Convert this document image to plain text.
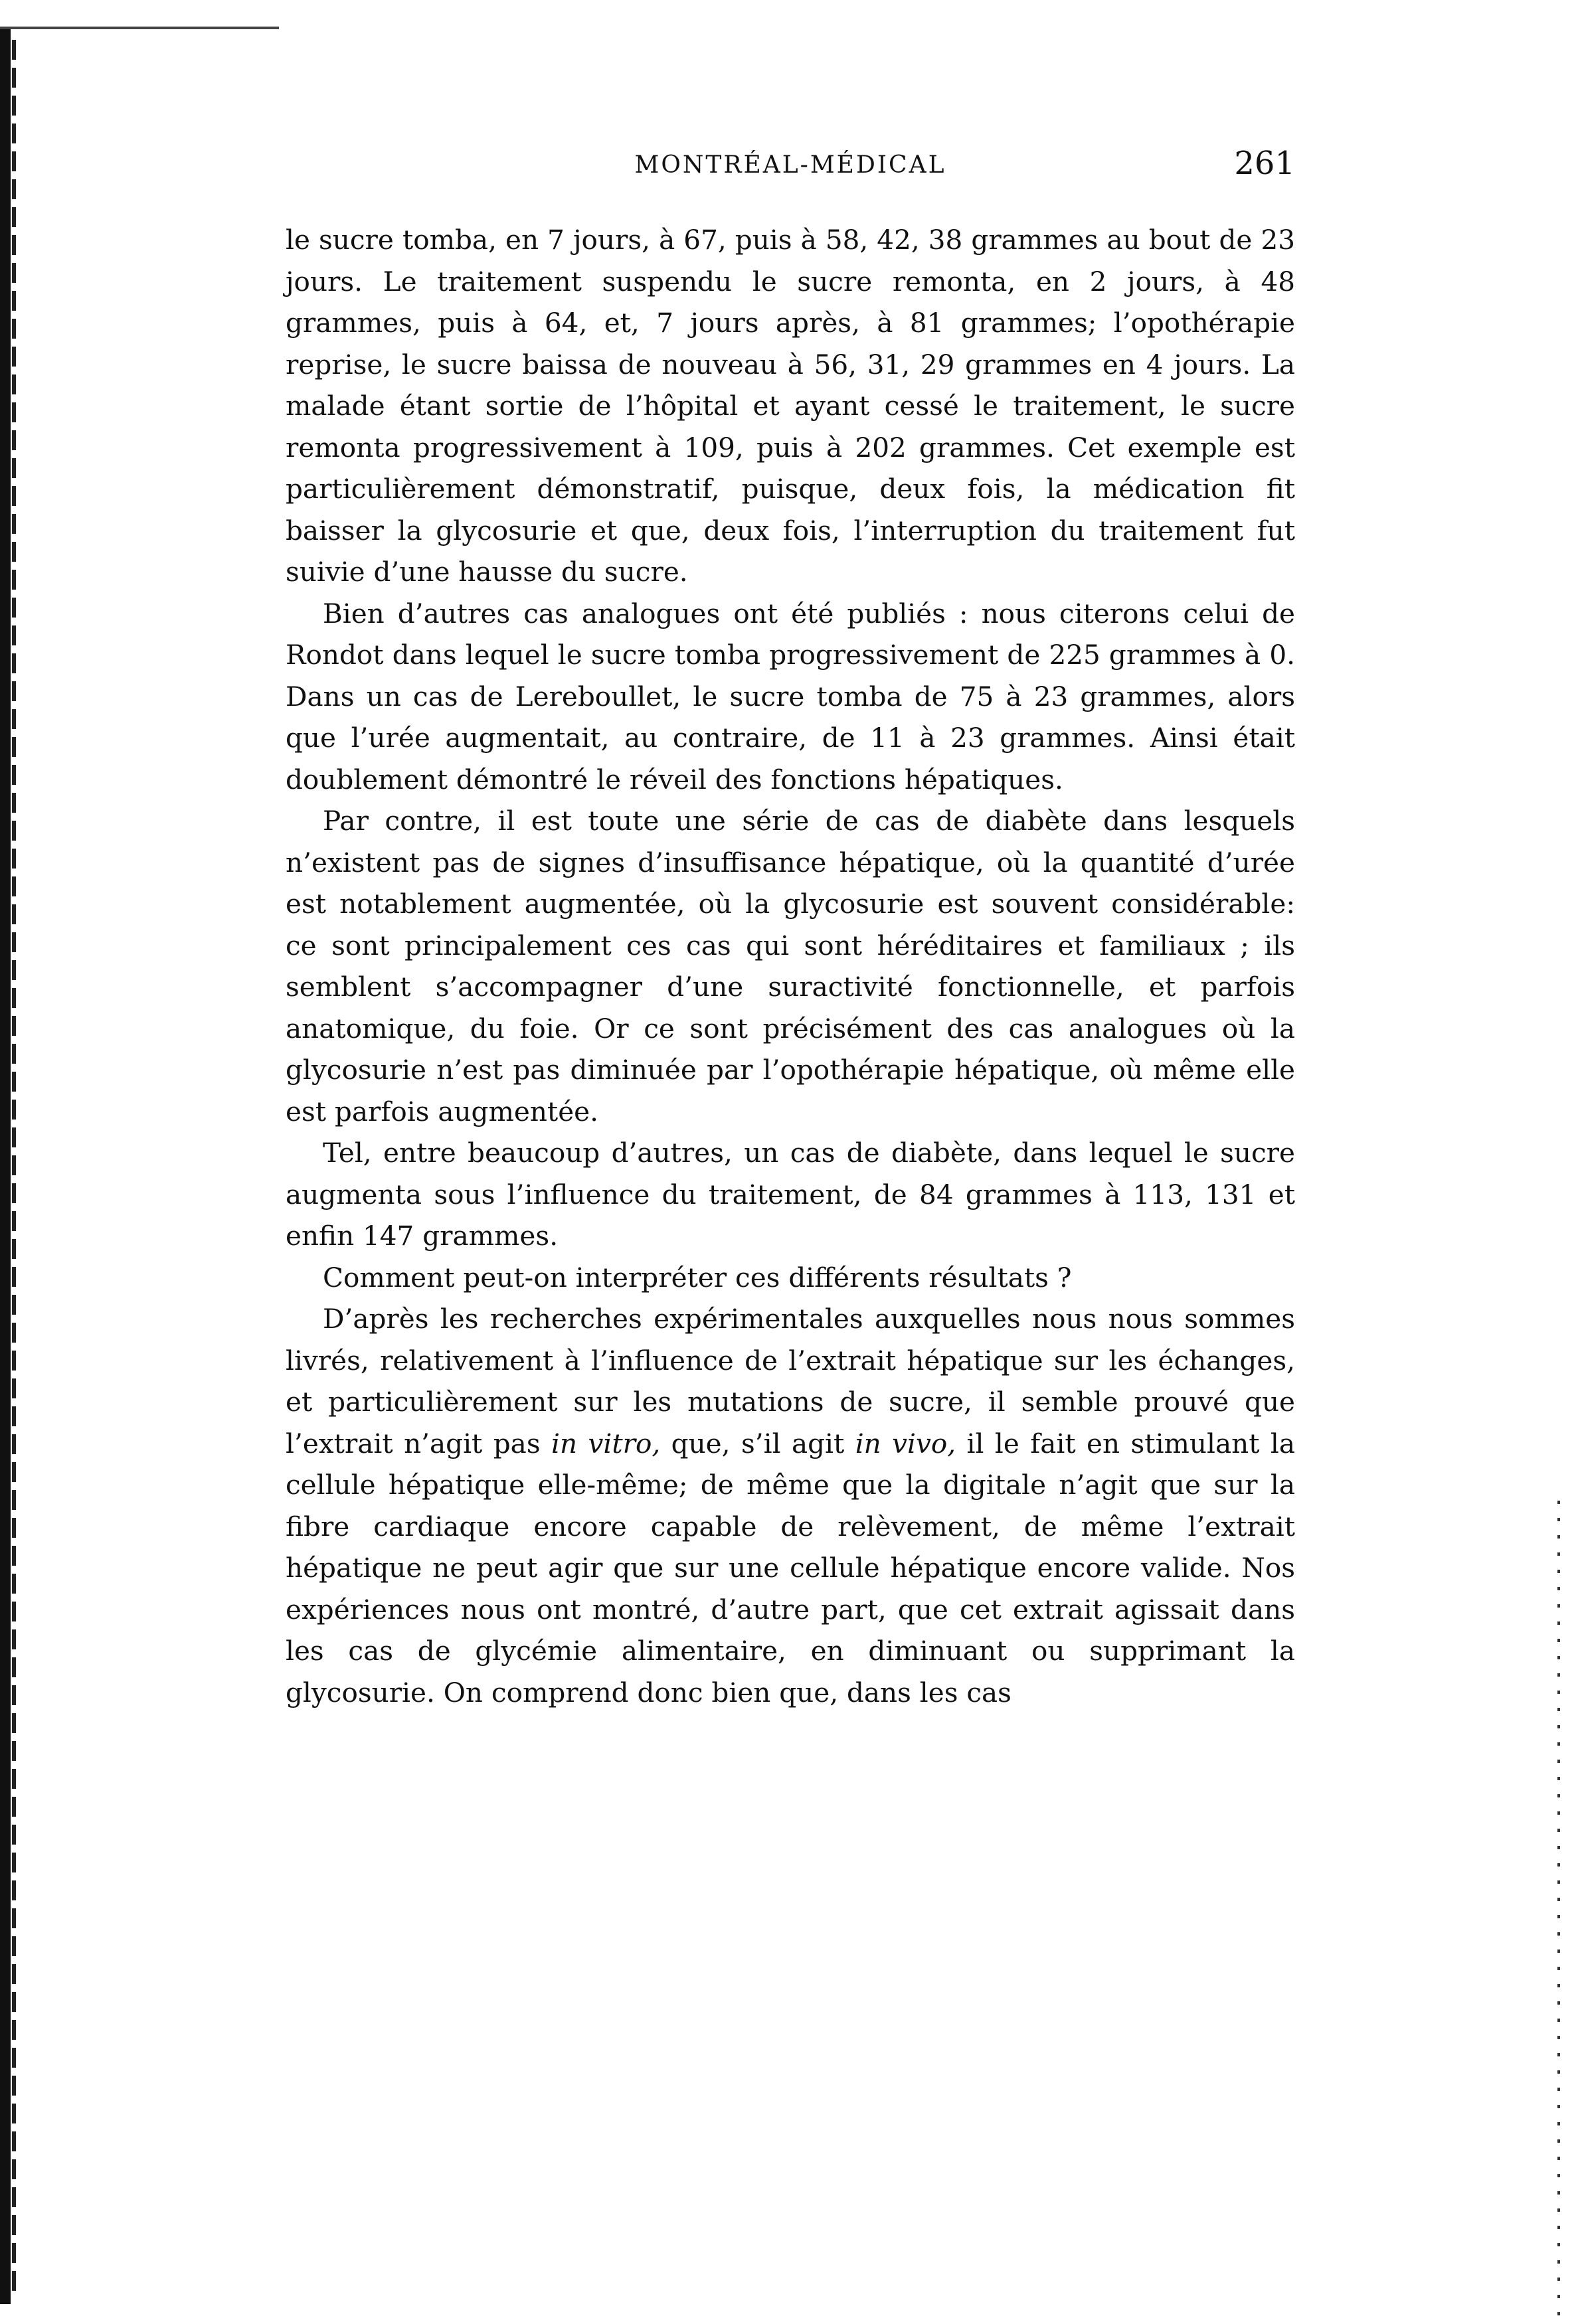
MONTRÉAL-MÉDICAL	261

le sucre tomba, en 7 jours, à 67, puis à 58, 42, 38 grammes au bout de 23 jours. Le traitement suspendu le sucre remonta, en 2 jours, à 48 grammes, puis à 64, et, 7 jours après, à 81 grammes; l’opothérapie reprise, le sucre baissa de nouveau à 56, 31, 29 grammes en 4 jours. La malade étant sortie de l’hôpital et ayant cessé le traitement, le sucre remonta progressivement à 109, puis à 202 grammes. Cet exemple est particulièrement démonstratif, puisque, deux fois, la médication fit baisser la glycosurie et que, deux fois, l’interruption du traitement fut suivie d’une hausse du sucre.

Bien d’autres cas analogues ont été publiés : nous citerons celui de Rondot dans lequel le sucre tomba progressivement de 225 grammes à 0. Dans un cas de Lereboullet, le sucre tomba de 75 à 23 grammes, alors que l’urée augmentait, au contraire, de 11 à 23 grammes. Ainsi était doublement démontré le réveil des fonctions hépatiques.

Par contre, il est toute une série de cas de diabète dans lesquels n’existent pas de signes d’insuffisance hépatique, où la quantité d’urée est notablement augmentée, où la glycosurie est souvent considérable: ce sont principalement ces cas qui sont héréditaires et familiaux ; ils semblent s’accompagner d’une suractivité fonctionnelle, et parfois anatomique, du foie. Or ce sont précisément des cas analogues où la glycosurie n’est pas diminuée par l’opothérapie hépatique, où même elle est parfois augmentée.

Tel, entre beaucoup d’autres, un cas de diabète, dans lequel le sucre augmenta sous l’influence du traitement, de 84 grammes à 113, 131 et enfin 147 grammes.

Comment peut-on interpréter ces différents résultats ?

D’après les recherches expérimentales auxquelles nous nous sommes livrés, relativement à l’influence de l’extrait hépatique sur les échanges, et particulièrement sur les mutations de sucre, il semble prouvé que l’extrait n’agit pas in vitro, que, s’il agit in vivo, il le fait en stimulant la cellule hépatique elle-même; de même que la digitale n’agit que sur la fibre cardiaque encore capable de relèvement, de même l’extrait hépatique ne peut agir que sur une cellule hépatique encore valide. Nos expériences nous ont montré, d’autre part, que cet extrait agissait dans les cas de glycémie alimentaire, en diminuant ou supprimant la glycosurie. On comprend donc bien que, dans les cas
